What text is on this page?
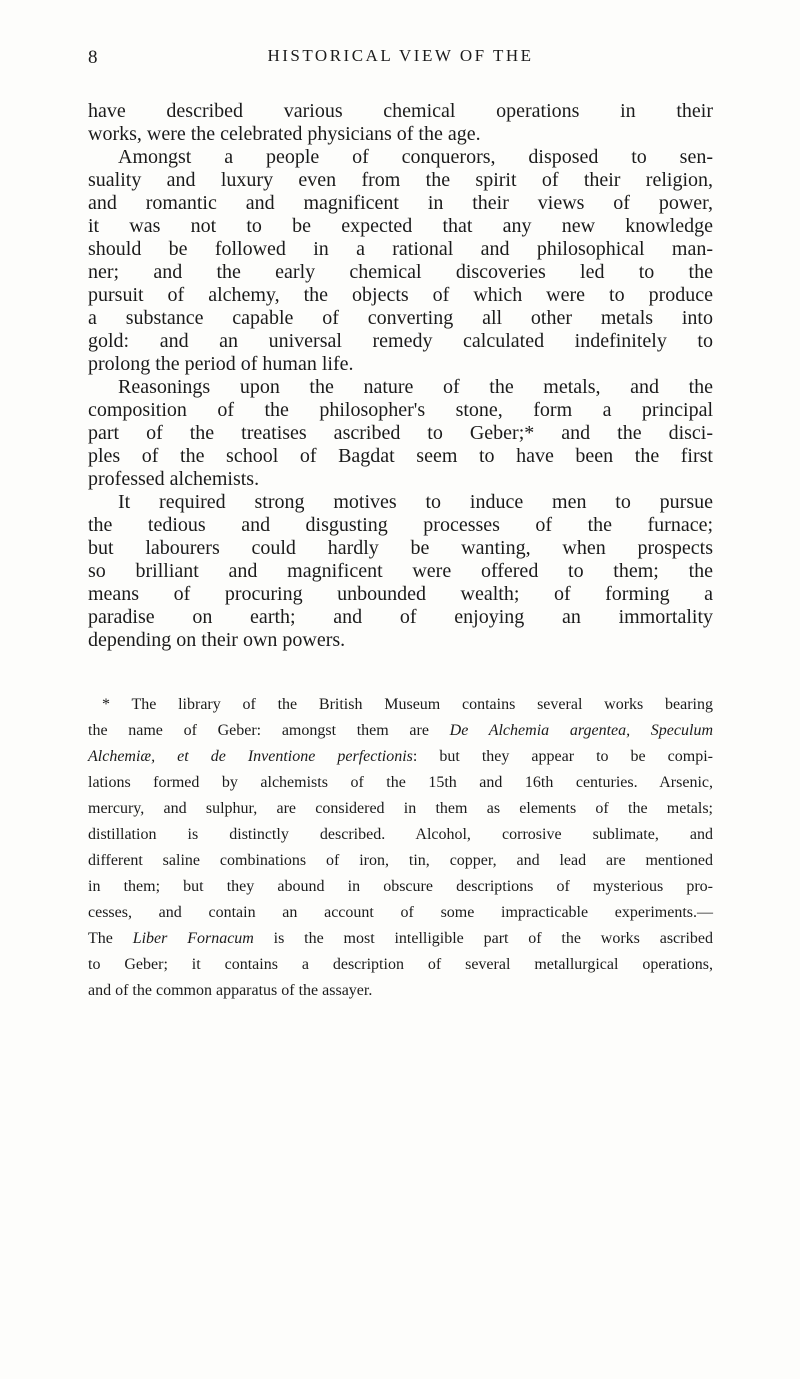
8	HISTORICAL VIEW OF THE
have described various chemical operations in their
works, were the celebrated physicians of the age.
Amongst a people of conquerors, disposed to sen-
suality and luxury even from the spirit of their religion,
and romantic and magnificent in their views of power,
it was not to be expected that any new knowledge
should be followed in a rational and philosophical man-
ner; and the early chemical discoveries led to the
pursuit of alchemy, the objects of which were to produce
a substance capable of converting all other metals into
gold: and an universal remedy calculated indefinitely to
prolong the period of human life.
Reasonings upon the nature of the metals, and the
composition of the philosopher's stone, form a principal
part of the treatises ascribed to Geber;* and the disci-
ples of the school of Bagdat seem to have been the first
professed alchemists.
It required strong motives to induce men to pursue
the tedious and disgusting processes of the furnace;
but labourers could hardly be wanting, when prospects
so brilliant and magnificent were offered to them; the
means of procuring unbounded wealth; of forming a
paradise on earth; and of enjoying an immortality
depending on their own powers.
* The library of the British Museum contains several works bearing
the name of Geber: amongst them are De Alchemia argentea, Speculum
Alchemiæ, et de Inventione perfectionis: but they appear to be compi-
lations formed by alchemists of the 15th and 16th centuries. Arsenic,
mercury, and sulphur, are considered in them as elements of the metals;
distillation is distinctly described. Alcohol, corrosive sublimate, and
different saline combinations of iron, tin, copper, and lead are mentioned
in them; but they abound in obscure descriptions of mysterious pro-
cesses, and contain an account of some impracticable experiments.—
The Liber Fornacum is the most intelligible part of the works ascribed
to Geber; it contains a description of several metallurgical operations,
and of the common apparatus of the assayer.
